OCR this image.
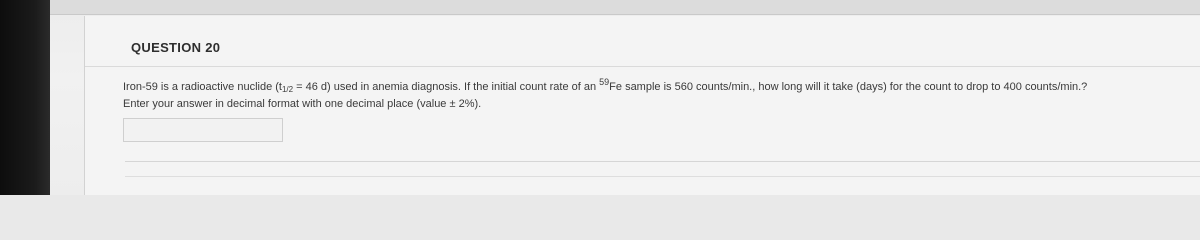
QUESTION 20
Iron-59 is a radioactive nuclide ($t_{1/2} = 46$ d) used in anemia diagnosis. If the initial count rate of an $^{59}$Fe sample is 560 counts/min., how long will it take (days) for the count to drop to 400 counts/min.?
Enter your answer in decimal format with one decimal place (value ± 2%).
